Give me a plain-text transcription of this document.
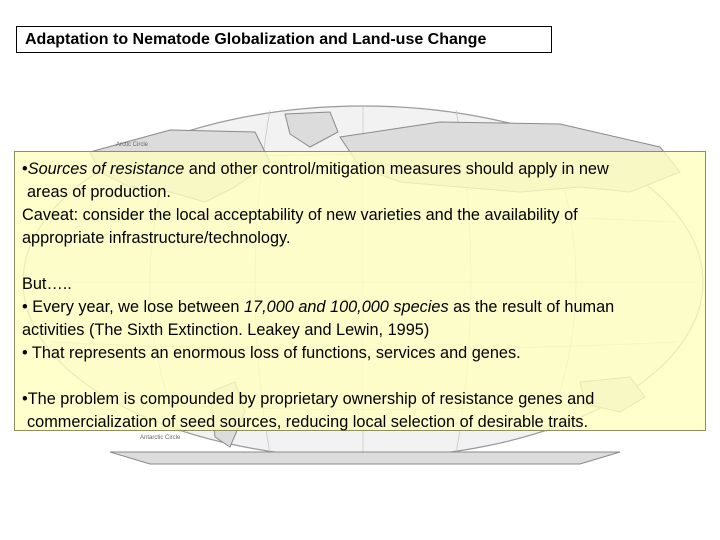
Adaptation to Nematode Globalization and Land-use Change
Arctic Circle
Antarctic Circle

•Sources of resistance and other control/mitigation measures should apply in new

areas of production.

Caveat: consider the local acceptability of new varieties and the availability of

appropriate infrastructure/technology.

But…..

• Every year, we lose between 17,000 and 100,000 species as the result of human

activities (The Sixth Extinction. Leakey and Lewin, 1995)

• That represents an enormous loss of functions, services and genes.

•The problem is compounded by proprietary ownership of resistance genes and

commercialization of seed sources, reducing local selection of desirable traits.
